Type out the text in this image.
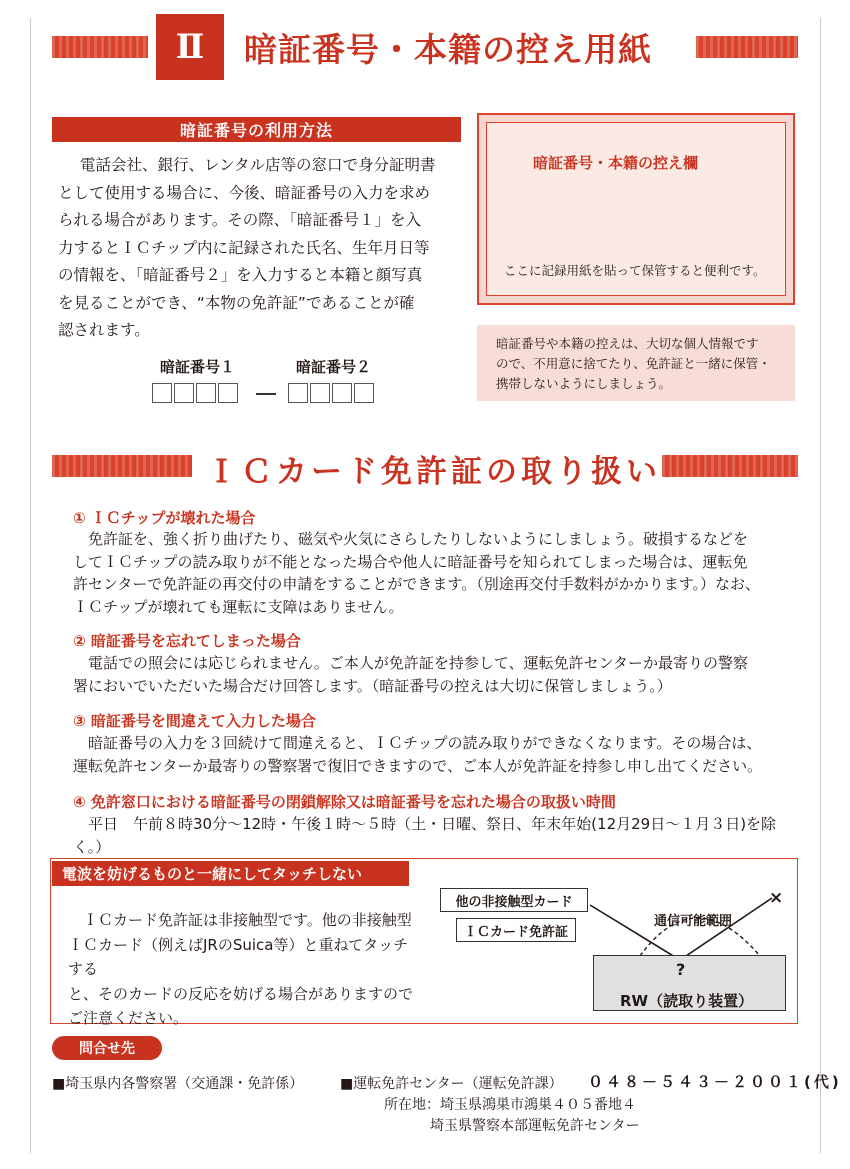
Ⅱ	暗証番号・本籍の控え用紙
暗証番号の利用方法
電話会社、銀行、レンタル店等の窓口で身分証明書
として使用する場合に、今後、暗証番号の入力を求め
られる場合があります。その際、「暗証番号１」を入
力するとＩＣチップ内に記録された氏名、生年月日等
の情報を、「暗証番号２」を入力すると本籍と顔写真
を見ることができ、“本物の免許証”であることが確
認されます。
暗証番号１	暗証番号２
暗証番号・本籍の控え欄
ここに記録用紙を貼って保管すると便利です。
暗証番号や本籍の控えは、大切な個人情報です
ので、不用意に捨てたり、免許証と一緒に保管・
携帯しないようにしましょう。
ＩＣカード免許証の取り扱い
① ＩＣチップが壊れた場合
　免許証を、強く折り曲げたり、磁気や火気にさらしたりしないようにしましょう。破損するなどを
してＩＣチップの読み取りが不能となった場合や他人に暗証番号を知られてしまった場合は、運転免
許センターで免許証の再交付の申請をすることができます。（別途再交付手数料がかかります。）なお、
ＩＣチップが壊れても運転に支障はありません。
② 暗証番号を忘れてしまった場合
　電話での照会には応じられません。ご本人が免許証を持参して、運転免許センターか最寄りの警察
署においでいただいた場合だけ回答します。（暗証番号の控えは大切に保管しましょう。）
③ 暗証番号を間違えて入力した場合
　暗証番号の入力を３回続けて間違えると、ＩＣチップの読み取りができなくなります。その場合は、
運転免許センターか最寄りの警察署で復旧できますので、ご本人が免許証を持参し申し出てください。
④ 免許窓口における暗証番号の閉鎖解除又は暗証番号を忘れた場合の取扱い時間
　平日　午前８時30分～12時・午後１時～５時（土・日曜、祭日、年末年始(12月29日～１月３日)を除く。）
電波を妨げるものと一緒にしてタッチしない
　ＩＣカード免許証は非接触型です。他の非接触型
ＩＣカード（例えばJRのSuica等）と重ねてタッチする
と、そのカードの反応を妨げる場合がありますので
ご注意ください。
他の非接触型カード
ＩＣカード免許証
通信可能範囲
×
?
RW（読取り装置）
問合せ先
■埼玉県内各警察署（交通課・免許係）	■運転免許センター（運転免許課） ０４８－５４３－２００１(代)
所在地：埼玉県鴻巣市鴻巣４０５番地４
埼玉県警察本部運転免許センター
